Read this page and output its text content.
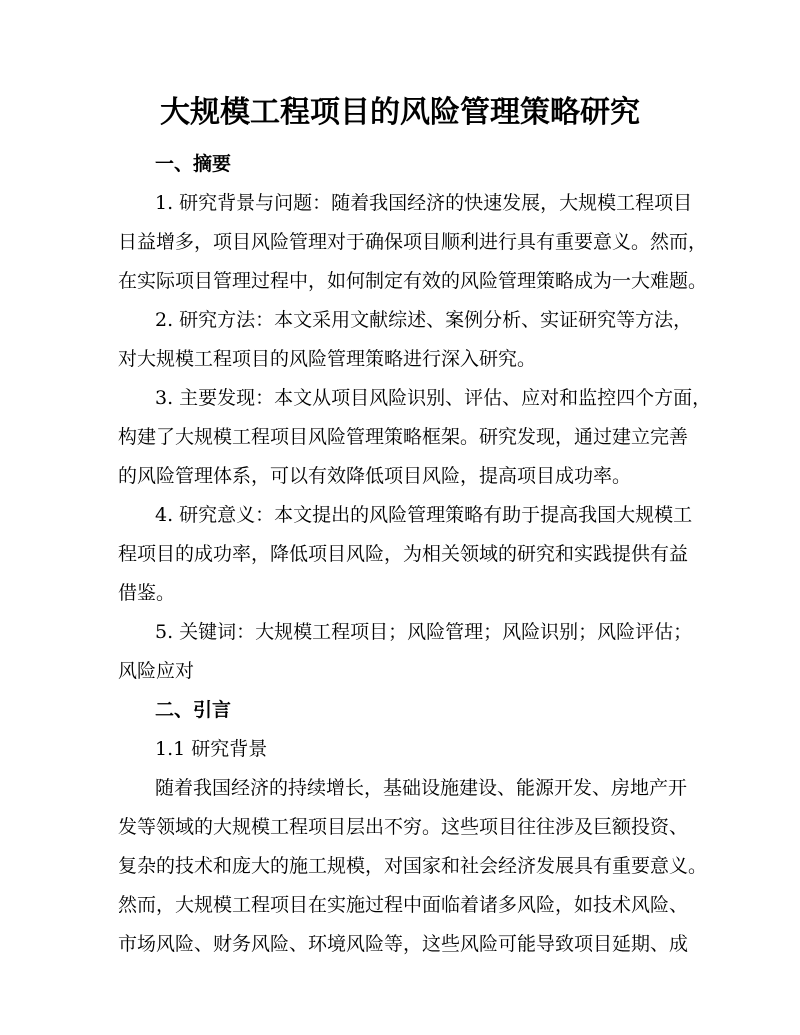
大规模工程项目的风险管理策略研究
一、摘要
1. 研究背景与问题：随着我国经济的快速发展，大规模工程项目
日益增多，项目风险管理对于确保项目顺利进行具有重要意义。然而，
在实际项目管理过程中，如何制定有效的风险管理策略成为一大难题。
2. 研究方法：本文采用文献综述、案例分析、实证研究等方法，
对大规模工程项目的风险管理策略进行深入研究。
3. 主要发现：本文从项目风险识别、评估、应对和监控四个方面，
构建了大规模工程项目风险管理策略框架。研究发现，通过建立完善
的风险管理体系，可以有效降低项目风险，提高项目成功率。
4. 研究意义：本文提出的风险管理策略有助于提高我国大规模工
程项目的成功率，降低项目风险，为相关领域的研究和实践提供有益
借鉴。
5. 关键词：大规模工程项目；风险管理；风险识别；风险评估；
风险应对
二、引言
1.1 研究背景
随着我国经济的持续增长，基础设施建设、能源开发、房地产开
发等领域的大规模工程项目层出不穷。这些项目往往涉及巨额投资、
复杂的技术和庞大的施工规模，对国家和社会经济发展具有重要意义。
然而，大规模工程项目在实施过程中面临着诸多风险，如技术风险、
市场风险、财务风险、环境风险等，这些风险可能导致项目延期、成
